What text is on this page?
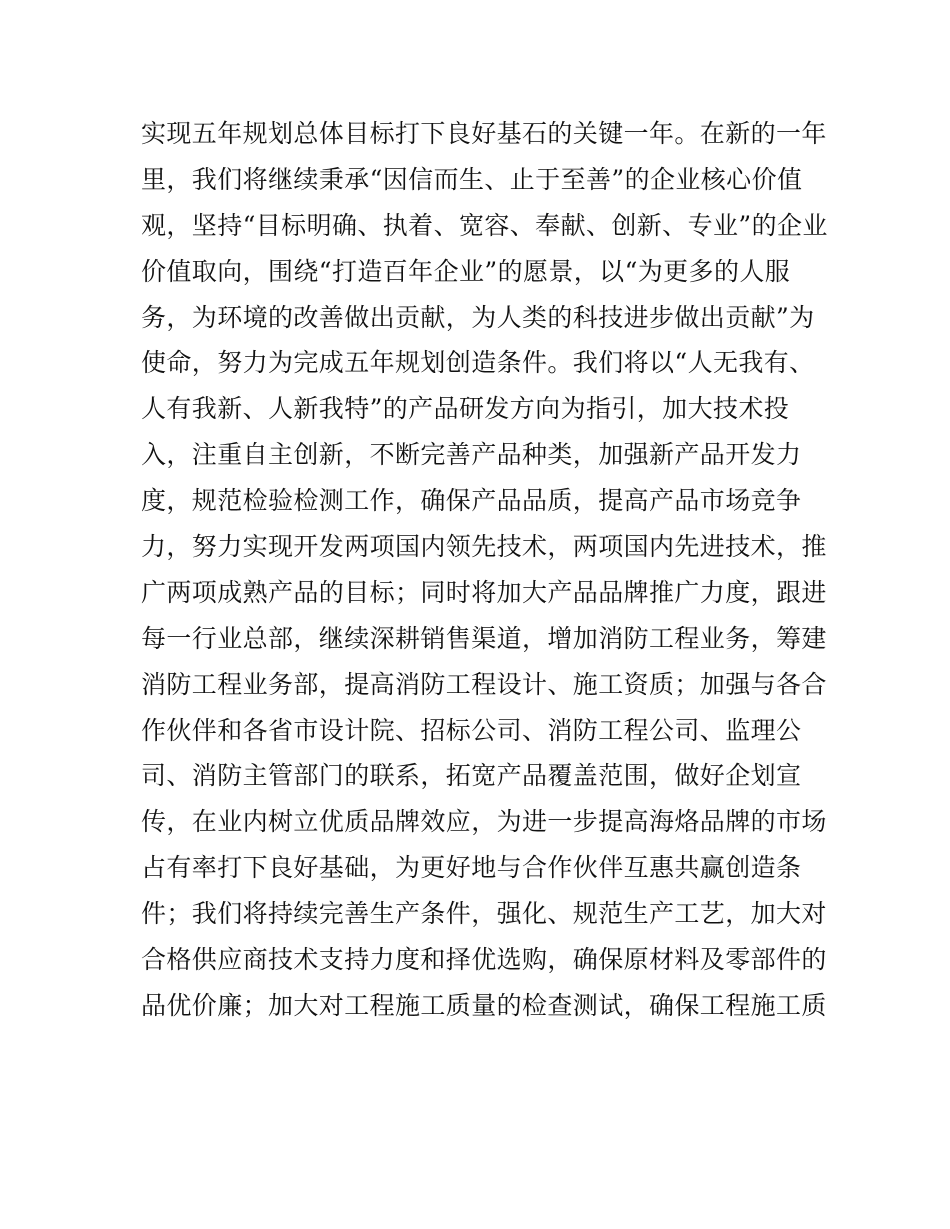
实现五年规划总体目标打下良好基石的关键一年。在新的一年
里，我们将继续秉承“因信而生、止于至善”的企业核心价值
观，坚持“目标明确、执着、宽容、奉献、创新、专业”的企业
价值取向，围绕“打造百年企业”的愿景，以“为更多的人服
务，为环境的改善做出贡献，为人类的科技进步做出贡献”为
使命，努力为完成五年规划创造条件。我们将以“人无我有、
人有我新、人新我特”的产品研发方向为指引，加大技术投
入，注重自主创新，不断完善产品种类，加强新产品开发力
度，规范检验检测工作，确保产品品质，提高产品市场竞争
力，努力实现开发两项国内领先技术，两项国内先进技术，推
广两项成熟产品的目标；同时将加大产品品牌推广力度，跟进
每一行业总部，继续深耕销售渠道，增加消防工程业务，筹建
消防工程业务部，提高消防工程设计、施工资质；加强与各合
作伙伴和各省市设计院、招标公司、消防工程公司、监理公
司、消防主管部门的联系，拓宽产品覆盖范围，做好企划宣
传，在业内树立优质品牌效应，为进一步提高海烙品牌的市场
占有率打下良好基础，为更好地与合作伙伴互惠共赢创造条
件；我们将持续完善生产条件，强化、规范生产工艺，加大对
合格供应商技术支持力度和择优选购，确保原材料及零部件的
品优价廉；加大对工程施工质量的检查测试，确保工程施工质
